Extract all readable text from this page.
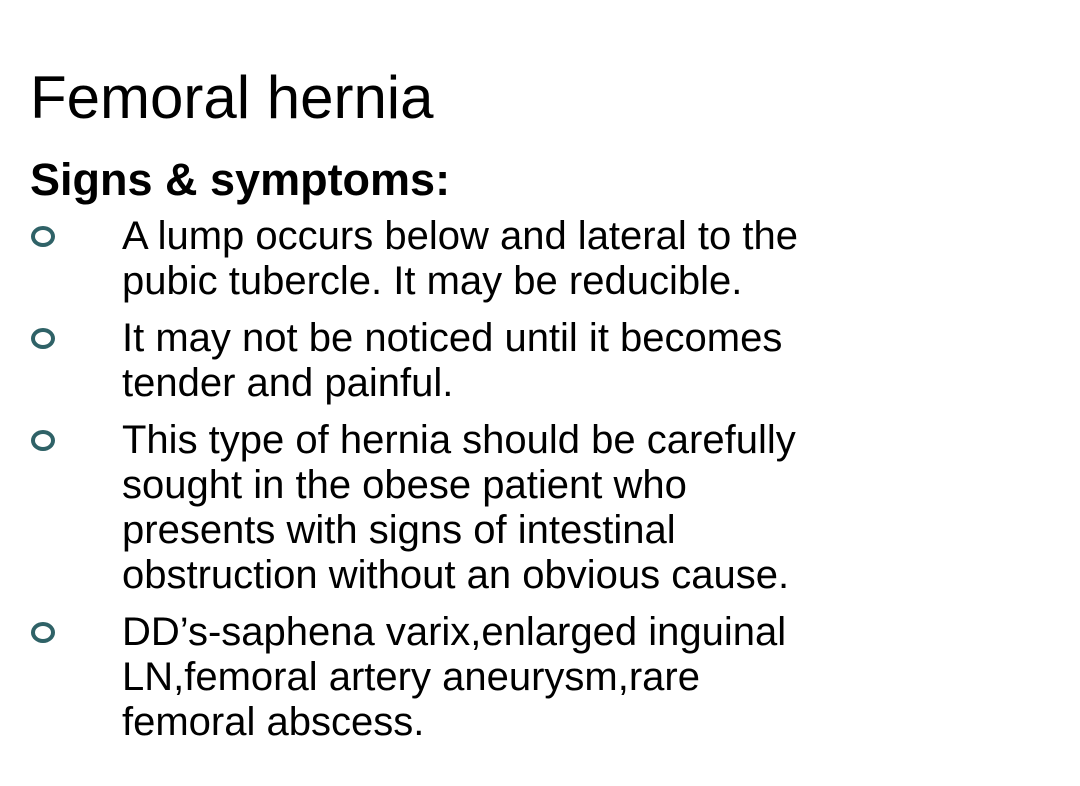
Femoral hernia
Signs & symptoms:
A lump occurs below and lateral to the
pubic tubercle. It may be reducible.
It may not be noticed until it becomes
tender and painful.
This type of hernia should be carefully
sought in the obese patient who
presents with signs of intestinal
obstruction without an obvious cause.
DD’s-saphena varix,enlarged inguinal
LN,femoral artery aneurysm,rare
femoral abscess.
